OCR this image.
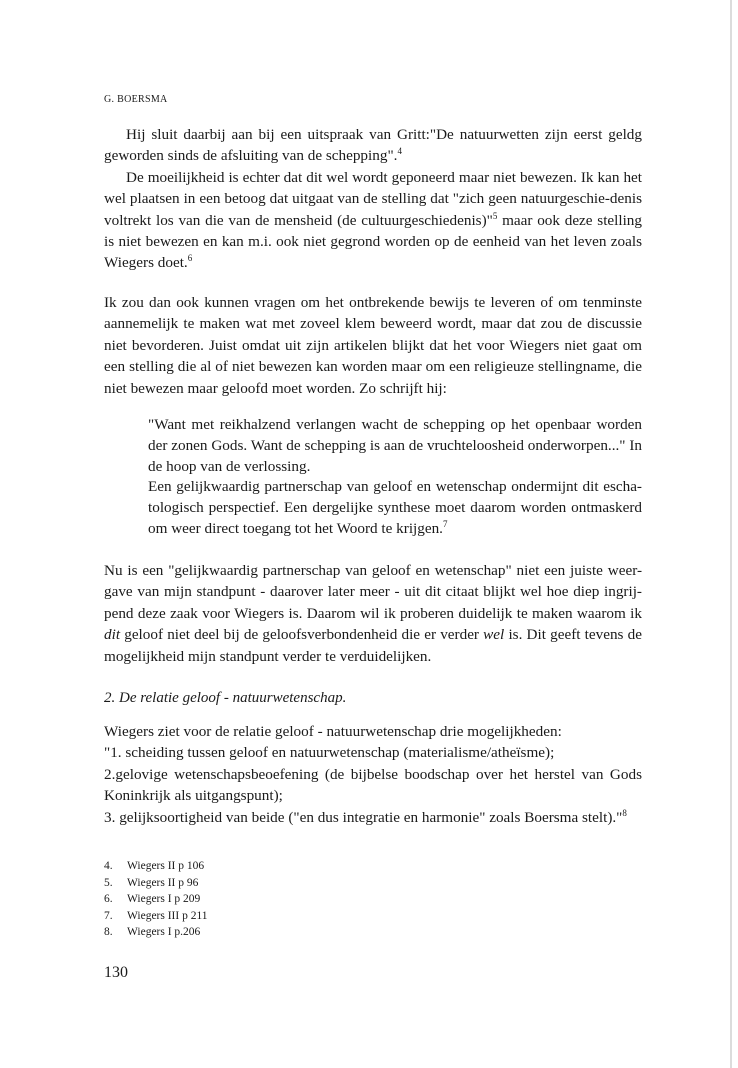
G. BOERSMA

Hij sluit daarbij aan bij een uitspraak van Gritt:"De natuurwetten zijn eerst geldg geworden sinds de afsluiting van de schepping".$^4$

De moeilijkheid is echter dat dit wel wordt geponeerd maar niet bewezen. Ik kan het wel plaatsen in een betoog dat uitgaat van de stelling dat "zich geen natuurgeschie-denis voltrekt los van die van de mensheid (de cultuurgeschiedenis)"$^5$ maar ook deze stelling is niet bewezen en kan m.i. ook niet gegrond worden op de eenheid van het leven zoals Wiegers doet.$^6$

Ik zou dan ook kunnen vragen om het ontbrekende bewijs te leveren of om tenminste aannemelijk te maken wat met zoveel klem beweerd wordt, maar dat zou de discussie niet bevorderen. Juist omdat uit zijn artikelen blijkt dat het voor Wiegers niet gaat om een stelling die al of niet bewezen kan worden maar om een religieuze stellingname, die niet bewezen maar geloofd moet worden. Zo schrijft hij:

"Want met reikhalzend verlangen wacht de schepping op het openbaar worden der zonen Gods. Want de schepping is aan de vruchteloosheid onderworpen..." In de hoop van de verlossing.

Een gelijkwaardig partnerschap van geloof en wetenschap ondermijnt dit escha-tologisch perspectief. Een dergelijke synthese moet daarom worden ontmaskerd om weer direct toegang tot het Woord te krijgen.$^7$

Nu is een "gelijkwaardig partnerschap van geloof en wetenschap" niet een juiste weer-gave van mijn standpunt - daarover later meer - uit dit citaat blijkt wel hoe diep ingrij-pend deze zaak voor Wiegers is. Daarom wil ik proberen duidelijk te maken waarom ik dit geloof niet deel bij de geloofsverbondenheid die er verder wel is. Dit geeft tevens de mogelijkheid mijn standpunt verder te verduidelijken.

2. De relatie geloof - natuurwetenschap.

Wiegers ziet voor de relatie geloof - natuurwetenschap drie mogelijkheden:

"1. scheiding tussen geloof en natuurwetenschap (materialisme/atheïsme);

2.gelovige wetenschapsbeoefening (de bijbelse boodschap over het herstel van Gods Koninkrijk als uitgangspunt);

3. gelijksoortigheid van beide ("en dus integratie en harmonie" zoals Boersma stelt)."$^8$

4.	Wiegers II p 106
5.	Wiegers II p 96
6.	Wiegers I p 209
7.	Wiegers III p 211
8.	Wiegers I p.206

130
